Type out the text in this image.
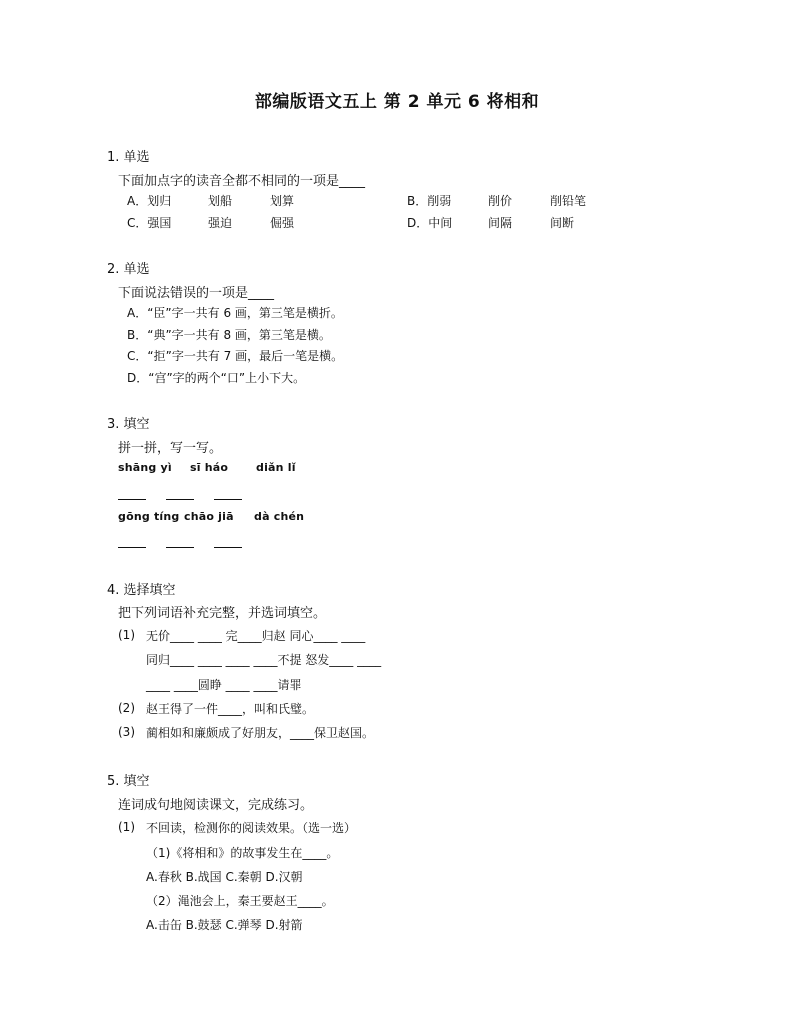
部编版语文五上 第 2 单元 6 将相和
1. 单选
下面加点字的读音全都不相同的一项是____
A．划归	划船	划算	B．削弱	削价	削铅笔
C．强国	强迫	倔强	D．中间	间隔	间断
2. 单选
下面说法错误的一项是____
A．“臣”字一共有 6 画，第三笔是横折。
B．“典”字一共有 8 画，第三笔是横。
C．“拒”字一共有 7 画，最后一笔是横。
D．“宫”字的两个“口”上小下大。
3. 填空
拼一拼，写一写。
shāng yì sī háo	diǎn lǐ
gōng tíng chāo jiā dà chén
4. 选择填空
把下列词语补充完整，并选词填空。
(1) 无价____ ____ 完____归赵 同心____ ____
同归____ ____ ____ ____不提 怒发____ ____
____ ____圆睁 ____ ____请罪
(2) 赵王得了一件____，叫和氏璧。
(3) 蔺相如和廉颇成了好朋友，____保卫赵国。
5. 填空
连词成句地阅读课文，完成练习。
(1) 不回读，检测你的阅读效果。（选一选）
（1)《将相和》的故事发生在____。
A.春秋 B.战国 C.秦朝 D.汉朝
（2）渑池会上，秦王要赵王____。
A.击缶 B.鼓瑟 C.弹琴 D.射箭
